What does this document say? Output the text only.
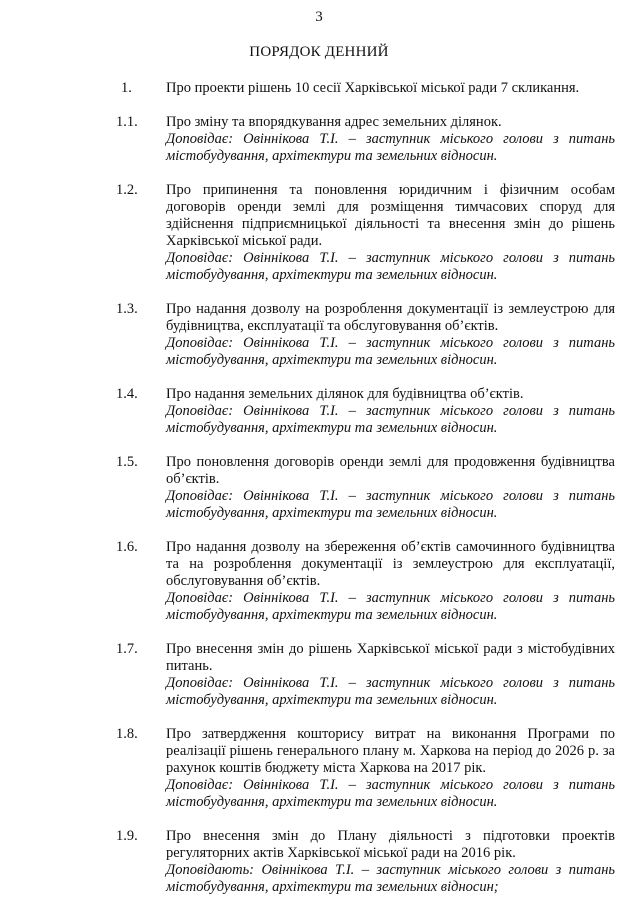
3
ПОРЯДОК ДЕННИЙ
1. Про проекти рішень 10 сесії Харківської міської ради 7 скликання.
1.1. Про зміну та впорядкування адрес земельних ділянок.
Доповідає: Овіннікова Т.І. – заступник міського голови з питань містобудування, архітектури та земельних відносин.
1.2. Про припинення та поновлення юридичним і фізичним особам договорів оренди землі для розміщення тимчасових споруд для здійснення підприємницької діяльності та внесення змін до рішень Харківської міської ради.
Доповідає: Овіннікова Т.І. – заступник міського голови з питань містобудування, архітектури та земельних відносин.
1.3. Про надання дозволу на розроблення документації із землеустрою для будівництва, експлуатації та обслуговування об’єктів.
Доповідає: Овіннікова Т.І. – заступник міського голови з питань містобудування, архітектури та земельних відносин.
1.4. Про надання земельних ділянок для будівництва об’єктів.
Доповідає: Овіннікова Т.І. – заступник міського голови з питань містобудування, архітектури та земельних відносин.
1.5. Про поновлення договорів оренди землі для продовження будівництва об’єктів.
Доповідає: Овіннікова Т.І. – заступник міського голови з питань містобудування, архітектури та земельних відносин.
1.6. Про надання дозволу на збереження об’єктів самочинного будівництва та на розроблення документації із землеустрою для експлуатації, обслуговування об’єктів.
Доповідає: Овіннікова Т.І. – заступник міського голови з питань містобудування, архітектури та земельних відносин.
1.7. Про внесення змін до рішень Харківської міської ради з містобудівних питань.
Доповідає: Овіннікова Т.І. – заступник міського голови з питань містобудування, архітектури та земельних відносин.
1.8. Про затвердження кошторису витрат на виконання Програми по реалізації рішень генерального плану м. Харкова на період до 2026 р. за рахунок коштів бюджету міста Харкова на 2017 рік.
Доповідає: Овіннікова Т.І. – заступник міського голови з питань містобудування, архітектури та земельних відносин.
1.9. Про внесення змін до Плану діяльності з підготовки проектів регуляторних актів Харківської міської ради на 2016 рік.
Доповідають: Овіннікова Т.І. – заступник міського голови з питань містобудування, архітектури та земельних відносин;
